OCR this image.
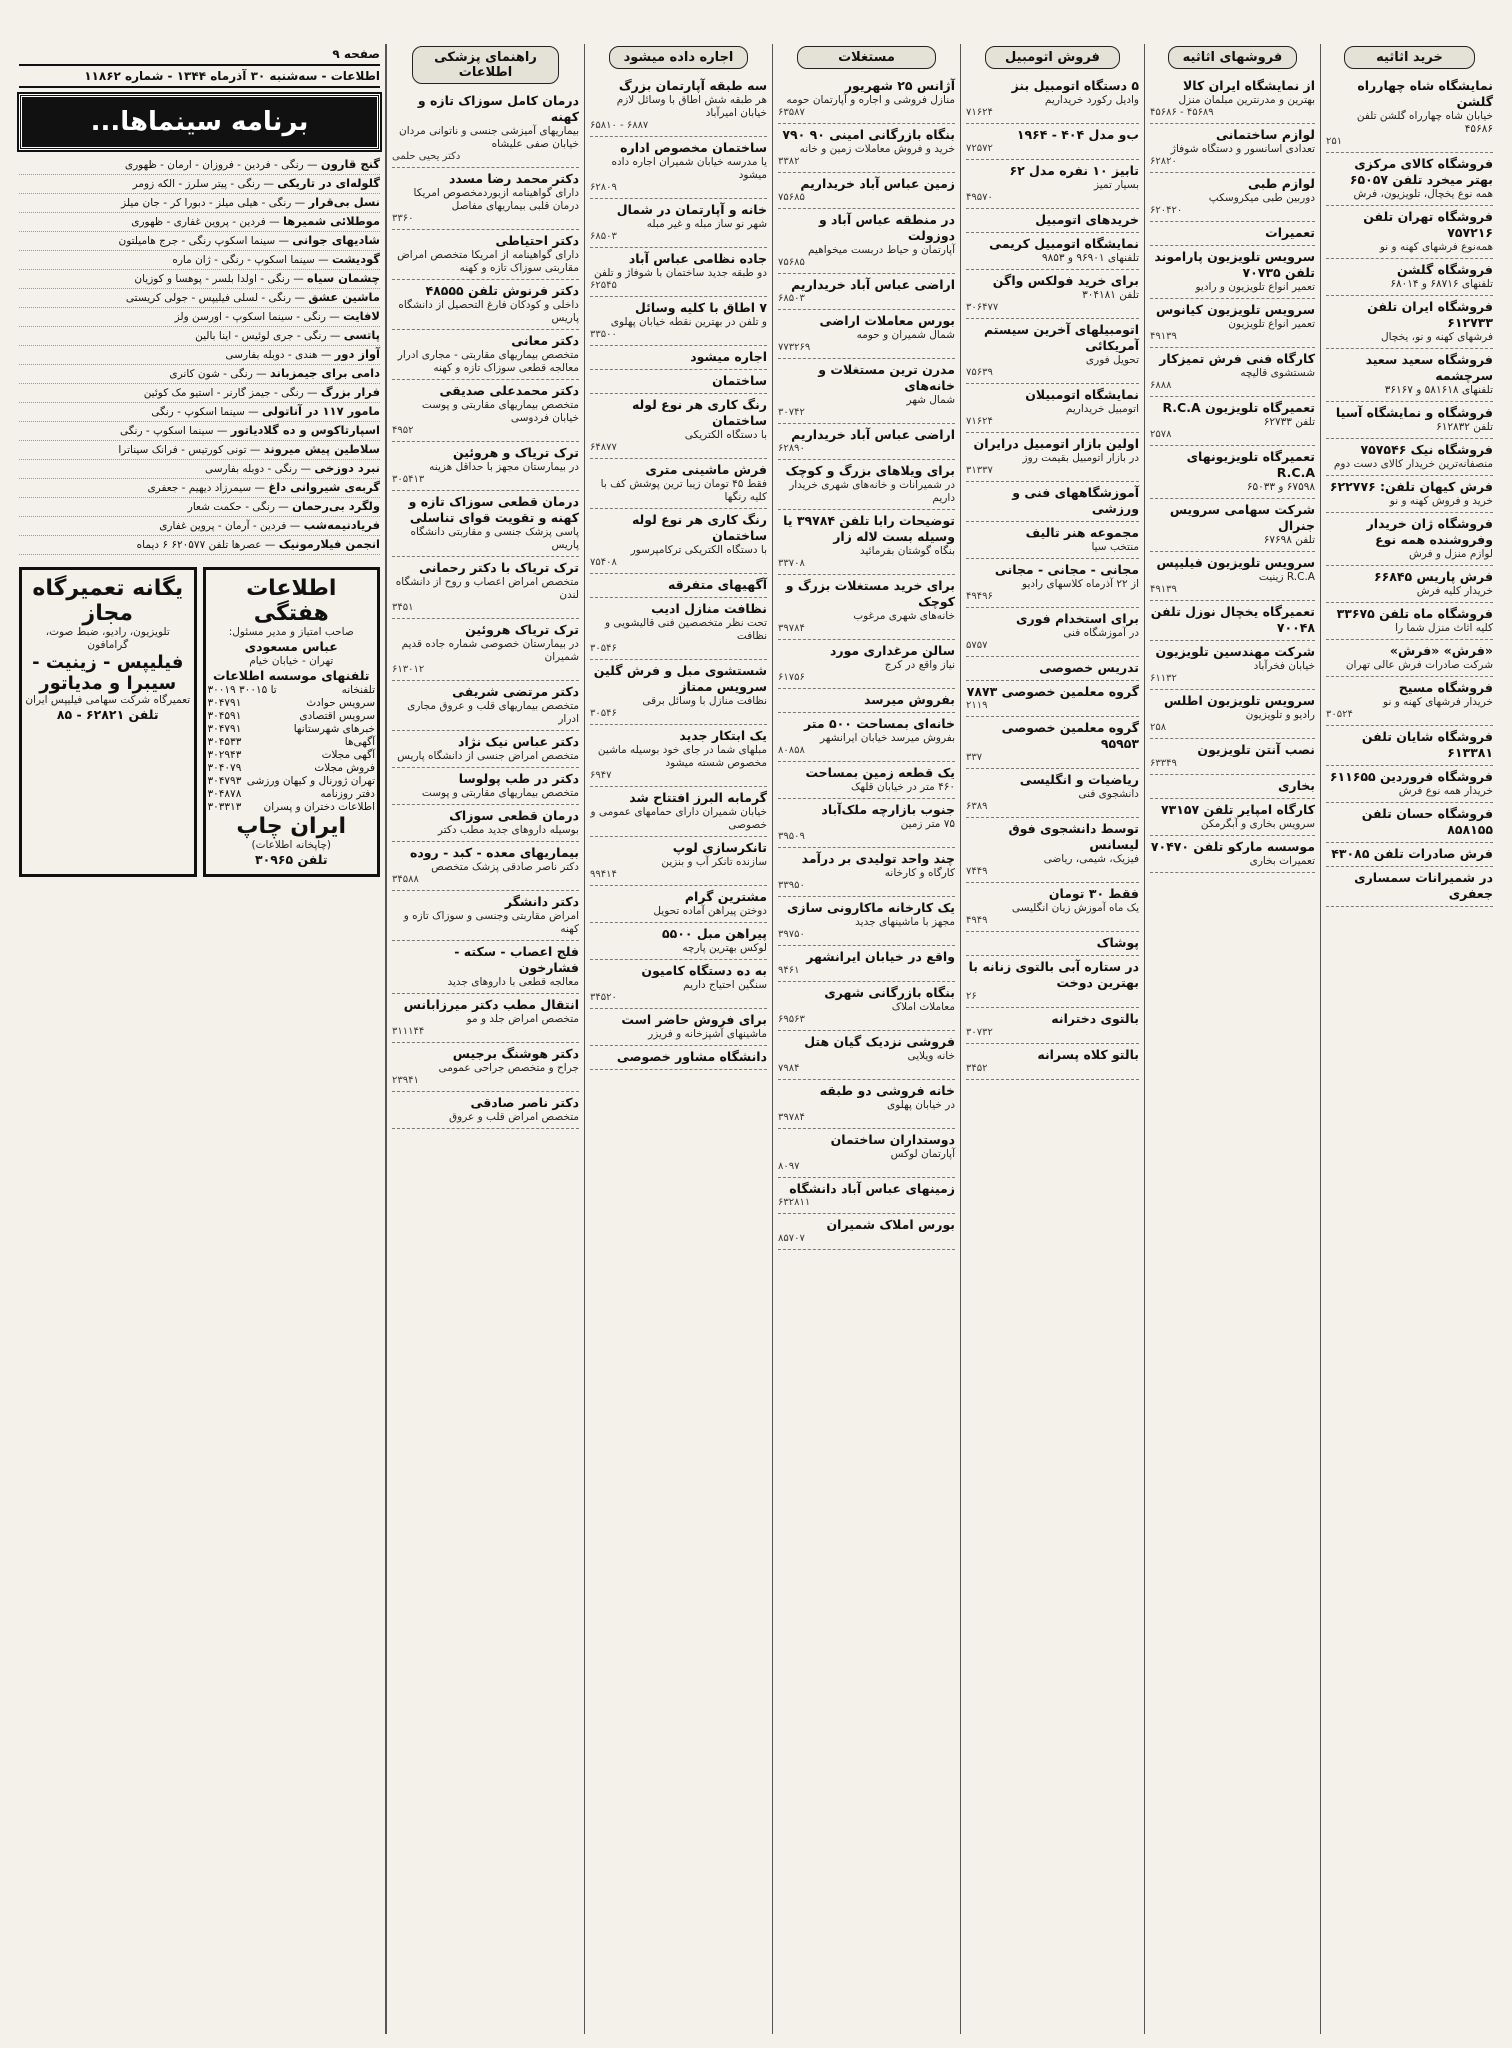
خرید اثاثیه
نمایشگاه شاه چهارراه گلشن
خیابان شاه چهارراه گلشن تلفن ۴۵۶۸۶
۲۵۱
فروشگاه کالای مرکزی بهتر میخرد تلفن ۶۵۰۵۷
همه نوع یخچال، تلویزیون، فرش
فروشگاه تهران تلفن ۷۵۷۲۱۶
همه‌نوع فرشهای کهنه و نو
فروشگاه گلشن
تلفنهای ۶۸۷۱۶ و ۶۸۰۱۴
فروشگاه ایران تلفن ۶۱۲۷۳۳
فرشهای کهنه و نو، یخچال
فروشگاه سعید سعید سرچشمه
تلفنهای ۵۸۱۶۱۸ و ۳۶۱۶۷
فروشگاه و نمایشگاه آسیا
تلفن ۶۱۲۸۳۲
فروشگاه نیک ۷۵۷۵۴۶
منصفانه‌ترین خریدار کالای دست دوم
فرش کیهان تلفن: ۶۲۲۷۷۶
خرید و فروش کهنه و نو
فروشگاه ژان خریدار وفروشنده همه نوع
لوازم منزل و فرش
فرش پاریس ۶۶۸۴۵
خریدار کلیه فرش
فروشگاه ماه تلفن ۳۳۶۷۵
کلیه اثاث منزل شما را
«فرش» «فرش»
شرکت صادرات فرش عالی تهران
فروشگاه مسیح
خریدار فرشهای کهنه و نو
۳۰۵۲۴
فروشگاه شایان تلفن ۶۱۳۳۸۱
فروشگاه فروردین ۶۱۱۶۵۵
خریدار همه نوع فرش
فروشگاه حسان تلفن ۸۵۸۱۵۵
فرش صادرات تلفن ۴۳۰۸۵
در شمیرانات سمساری جعفری
فروشهای اثاثیه
از نمایشگاه ایران کالا
بهترین و مدرنترین مبلمان منزل
۴۵۶۸۶ - ۴۵۶۸۹
لوازم ساختمانی
تعدادی اسانسور و دستگاه شوفاژ
۶۲۸۲۰
لوازم طبی
دوربین طبی میکروسکپ
۶۲۰۴۲۰
تعمیرات
سرویس تلویزیون پاراموند تلفن ۷۰۷۳۵
تعمیر انواع تلویزیون و رادیو
سرویس تلویزیون کیانوس
تعمیر انواع تلویزیون
۴۹۱۳۹
کارگاه فنی فرش تمیزکار
شستشوی قالیچه
۶۸۸۸
تعمیرگاه تلویزیون R.C.A
تلفن ۶۲۷۳۳
۲۵۷۸
تعمیرگاه تلویزیونهای R.C.A
۶۷۵۹۸ و ۶۵۰۳۳
شرکت سهامی سرویس جنرال
تلفن ۶۷۶۹۸
سرویس تلویزیون فیلیپس
R.C.A زینیت
۴۹۱۳۹
تعمیرگاه یخچال نوزل تلفن ۷۰۰۴۸
شرکت مهندسین تلویزیون
خیابان فخرآباد
۶۱۱۳۲
سرویس تلویزیون اطلس
رادیو و تلویزیون
۲۵۸
نصب آنتن تلویزیون
۶۳۳۴۹
بخاری
کارگاه امپایر تلفن ۷۳۱۵۷
سرویس بخاری و آبگرمکن
موسسه ماركو تلفن ۷۰۴۷۰
تعمیرات بخاری
فروش اتومبیل
۵ دستگاه اتومبیل بنز
وادیل رکورد خریداریم
۷۱۶۲۴
ب‌و مدل ۴۰۴ - ۱۹۶۴
۷۲۵۷۲
تابیز ۱۰ نفره مدل ۶۲
بسیار تمیز
۴۹۵۷۰
خریدهای اتومبیل
نمایشگاه اتومبیل کریمی
تلفنهای ۹۶۹۰۱ و ۹۸۵۳
برای خرید فولکس واگن
تلفن ۳۰۴۱۸۱
۳۰۶۴۷۷
اتومبیلهای آخرین سیستم آمریکائی
تحویل فوری
۷۵۶۳۹
نمایشگاه اتومبیلان
اتومبیل خریداریم
۷۱۶۲۴
اولین بازار اتومبیل درایران
در بازار اتومبیل بقیمت روز
۳۱۳۳۷
آموزشگاههای فنی و ورزشی
مجموعه هنر تالیف
منتخب سیا
مجانی - مجانی - مجانی
از ۲۲ آذرماه کلاسهای رادیو
۴۹۴۹۶
برای استخدام فوری
در آموزشگاه فنی
۵۷۵۷
تدریس خصوصی
گروه معلمین خصوصی ۷۸۷۳
۲۱۱۹
گروه معلمین خصوصی ۹۵۹۵۳
۳۳۷
ریاضیات و انگلیسی
دانشجوی فنی
۶۳۸۹
توسط دانشجوی فوق لیسانس
فیزیک، شیمی، ریاضی
۷۴۴۹
فقط ۳۰ تومان
یک ماه آموزش زبان انگلیسی
۴۹۴۹
پوشاک
در ستاره آبی بالتوی زنانه با بهترین دوخت
۲۶
بالتوی دخترانه
۳۰۷۳۲
بالتو کلاه پسرانه
۳۴۵۲
مستغلات
آژانس ۲۵ شهریور
منازل فروشی و اجاره و آپارتمان حومه
۶۳۵۸۷
بنگاه بازرگانی امینی ۹۰ ۷۹۰
خرید و فروش معاملات زمین و خانه
۳۳۸۲
زمین عباس آباد خریداریم
۷۵۶۸۵
در منطقه عباس آباد و دوزولت
آپارتمان و حیاط دربست میخواهیم
۷۵۶۸۵
اراضی عباس آباد خریداریم
۶۸۵۰۳
بورس معاملات اراضی
شمال شمیران و حومه
۷۷۳۲۶۹
مدرن ترین مستغلات و خانه‌های
شمال شهر
۳۰۷۴۲
اراضی عباس آباد خریداریم
۶۲۸۹۰
برای ویلاهای بزرگ و کوچک
در شمیرانات و خانه‌های شهری خریدار داریم
توضیحات رابا تلفن ۳۹۷۸۴ یا وسیله بست لاله زار
بنگاه گوشتان بفرمائید
۳۳۷۰۸
برای خرید مستغلات بزرگ و کوچک
خانه‌های شهری مرغوب
۳۹۷۸۴
سالن مرغداری مورد
نیاز واقع در کرج
۶۱۷۵۶
بفروش میرسد
خانه‌ای بمساحت ۵۰۰ متر
بفروش میرسد خیابان ایرانشهر
۸۰۸۵۸
یک قطعه زمین بمساحت
۴۶۰ متر در خیابان قلهک
جنوب بازارچه ملک‌آباد
۷۵ متر زمین
۳۹۵۰۹
چند واحد تولیدی بر درآمد
کارگاه و کارخانه
۳۳۹۵۰
یک کارخانه ماکارونی سازی
مجهز با ماشینهای جدید
۳۹۷۵۰
واقع در خیابان ایرانشهر
۹۴۶۱
بنگاه بازرگانی شهری
معاملات املاک
۶۹۵۶۳
فروشی نزدیک گیان هتل
خانه ویلایی
۷۹۸۴
خانه فروشی دو طبقه
در خیابان پهلوی
۳۹۷۸۴
دوستداران ساختمان
آپارتمان لوکس
۸۰۹۷
زمینهای عباس آباد دانشگاه
۶۳۲۸۱۱
بورس املاک شمیران
۸۵۷۰۷
اجاره داده میشود
سه طبقه آپارتمان بزرگ
هر طبقه شش اطاق با وسائل لازم خیابان امیرآباد
۶۵۸۱۰ - ۶۸۸۷
ساختمان مخصوص اداره
یا مدرسه خیابان شمیران اجاره داده میشود
۶۲۸۰۹
خانه و آپارتمان در شمال
شهر نو ساز مبله و غیر مبله
۶۸۵۰۳
جاده نظامی عباس آباد
دو طبقه جدید ساختمان با شوفاژ و تلفن
۶۲۵۴۵
۷ اطاق با کلیه وسائل
و تلفن در بهترین نقطه خیابان پهلوی
۳۳۵۰۰
اجاره میشود
ساختمان
رنگ کاری هر نوع لوله ساختمان
با دستگاه الکتریکی
۶۴۸۷۷
فرش ماشینی متری
فقط ۴۵ تومان زیبا ترین پوشش کف با کلیه رنگها
رنگ کاری هر نوع لوله ساختمان
با دستگاه الکتریکی ترکامپرسور
۷۵۴۰۸
آگهیهای متفرقه
نظافت منازل ادیب
تحت نظر متخصصین فنی قالیشویی و نظافت
۳۰۵۴۶
شستشوی مبل و فرش گلین سرویس ممتاز
نظافت منازل با وسائل برقی
۳۰۵۴۶
یک ابتکار جدید
مبلهای شما در جای خود بوسیله ماشین مخصوص شسته میشود
۶۹۴۷
گرمابه البرز افتتاح شد
خیابان شمیران دارای حمامهای عمومی و خصوصی
تانکرسازی لوپ
سازنده تانکر آب و بنزین
۹۹۴۱۴
مشترین گرام
دوختن پیراهن آماده تحویل
پیراهن مبل ۵۵۰۰
لوکس بهترین پارچه
به ده دستگاه کامیون
سنگین احتیاج داریم
۳۴۵۲۰
برای فروش حاضر است
ماشینهای آشپزخانه و فریزر
دانشگاه مشاور خصوصی
راهنمای پزشکی اطلاعات
درمان کامل سوزاک تازه و کهنه
بیماریهای آمیزشی جنسی و ناتوانی مردان خیابان صفی علیشاه
دکتر یحیی حلمی
دکتر محمد رضا مسدد
دارای گواهینامه ازبوردمخصوص امریکا درمان قلبی بیماریهای مفاصل
۳۳۶۰
دکتر احتیاطی
دارای گواهینامه از امریکا متخصص امراض مقاربتی سوزاک تازه و کهنه
دکتر فرنوش تلفن ۴۸۵۵۵
داخلی و کودکان فارغ التحصیل از دانشگاه پاریس
دکتر معانی
متخصص بیماریهای مقاربتی - مجاری ادرار معالجه قطعی سوزاک تازه و کهنه
دکتر محمدعلی صدیقی
متخصص بیماریهای مقاربتی و پوست خیابان فردوسی
۴۹۵۲
ترک تریاک و هروئین
در بیمارستان مجهز با حداقل هزینه
۳۰۵۴۱۳
درمان قطعی سوزاک تازه و کهنه و تقویت قوای تناسلی
پاسی پزشک جنسی و مقاربتی دانشگاه پاریس
ترک تریاک با دکتر رحمانی
متخصص امراض اعصاب و روح از دانشگاه لندن
۳۴۵۱
ترک تریاک هروئین
در بیمارستان خصوصی شماره جاده قدیم شمیران
۶۱۳۰۱۲
دکتر مرتضی شریفی
متخصص بیماریهای قلب و عروق مجاری ادرار
دکتر عباس نیک نژاد
متخصص امراض جنسی از دانشگاه پاریس
دکتر در طب پولوسا
متخصص بیماریهای مقاربتی و پوست
درمان قطعی سوزاک
بوسیله داروهای جدید مطب دکتر
بیماریهای معده - کبد - روده
دکتر ناصر صادقی پزشک متخصص
۳۴۵۸۸
دکتر دانشگر
امراض مقاربتی وجنسی و سوزاک تازه و کهنه
فلج اعصاب - سکته - فشارخون
معالجه قطعی با داروهای جدید
انتقال مطب دکتر میرزابانس
متخصص امراض جلد و مو
۳۱۱۱۴۴
دکتر هوشنگ برجیس
جراح و متخصص جراحی عمومی
۲۳۹۴۱
دکتر ناصر صادقی
متخصص امراض قلب و عروق
صفحه ۹
اطلاعات - سه‌شنبه ۳۰ آذرماه ۱۳۴۴ - شماره ۱۱۸۶۲
برنامه سینماها...
گنج قارون — رنگی - فردین - فروزان - ارمان - ظهوری
گلوله‌ای در تاریکی — رنگی - پیتر سلرز - الکه زومر
نسل بی‌قرار — رنگی - هیلی میلز - دبورا کر - جان میلز
موطلائی شمیرها — فردین - پروین غفاری - ظهوری
شادیهای جوانی — سینما اسکوپ رنگی - جرج هامیلتون
گودیشت — سینما اسکوپ - رنگی - ژان ماره
چشمان سیاه — رنگی - اولدا بلسر - پوهسا و کوزیان
ماشین عشق — رنگی - لسلی فیلیپس - جولی کریستی
لافایت — رنگی - سینما اسکوپ - اورسن ولز
پاتسی — رنگی - جری لوئیس - اینا بالین
آواز دور — هندی - دوبله بفارسی
دامی برای جیمزباند — رنگی - شون کانری
فرار بزرگ — رنگی - جیمز گارنر - استیو مک کوئین
مامور ۱۱۷ در آناتولی — سینما اسکوپ - رنگی
اسپارتاکوس و ده گلادیاتور — سینما اسکوپ - رنگی
سلاطین پیش میروند — تونی کورتیس - فرانک سیناترا
نبرد دوزخی — رنگی - دوبله بفارسی
گربه‌ی شیروانی داغ — سیمرزاد دیهیم - جعفری
ولگرد بی‌رحمان — رنگی - حکمت شعار
فریادنیمه‌شب — فردین - آرمان - پروین غفاری
انجمن فیلارمونیک — عصرها تلفن ۶۲۰۵۷۷ ۶ دیماه
اطلاعات هفتگی
صاحب امتیاز و مدیر مسئول:
عباس مسعودی
تهران - خیابان خیام
تلفنهای موسسه اطلاعات
تلفنخانه
۳۰۰۱۹ تا ۳۰۰۱۵
سرویس حوادث
۳۰۴۷۹۱
سرویس اقتصادی
۳۰۴۵۹۱
خبرهای شهرستانها
۳۰۴۷۹۱
آگهی‌ها
۳۰۴۵۳۳
آگهی مجلات
۳۰۲۹۴۳
فروش مجلات
۳۰۴۰۷۹
تهران ژورنال و کیهان ورزشی
۳۰۴۷۹۳
دفتر روزنامه
۳۰۴۸۷۸
اطلاعات دختران و پسران
۳۰۳۳۱۳
ایران چاپ
(چاپخانه اطلاعات)
تلفن ۳۰۹۶۵
یگانه تعمیرگاه مجاز
تلویزیون، رادیو، ضبط صوت، گرامافون
فیلیپس - زینیت - سیبرا و مدیاتور
تعمیرگاه شرکت سهامی فیلیپس ایران
تلفن ۶۲۸۲۱ - ۸۵
